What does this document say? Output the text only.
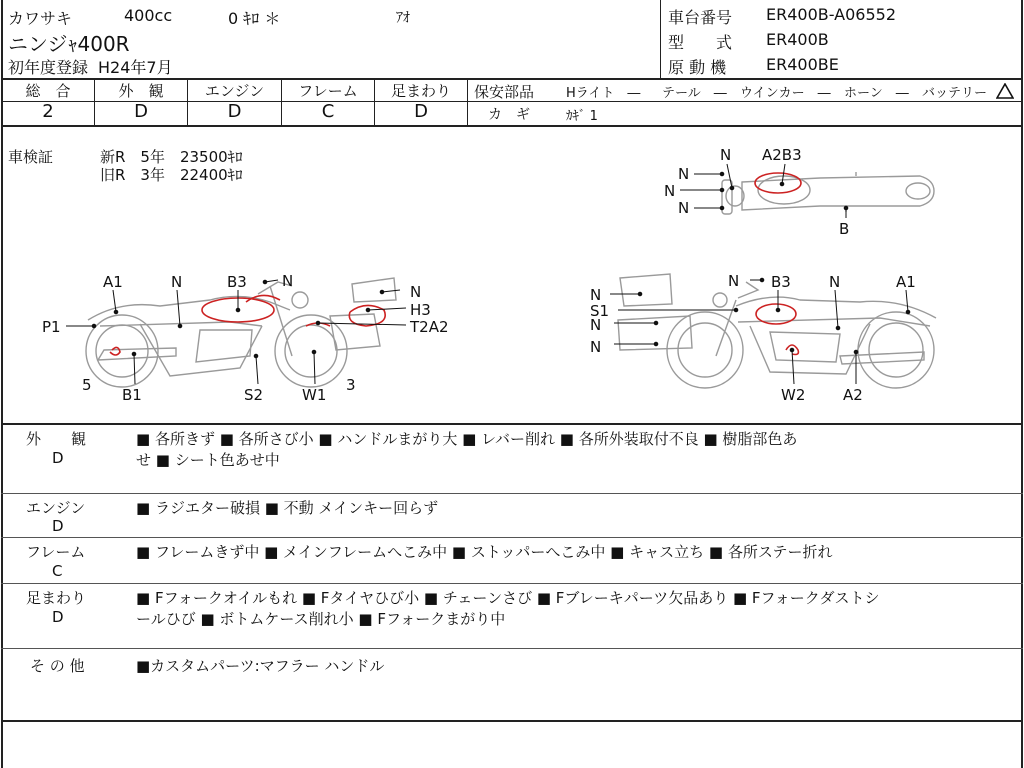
カワサキ	400cc	0 ｷﾛ ＊	ｱｵ
ニンジｬ400R
初年度登録 H24年7月
車台番号 ER400B-A06552
型　　式 ER400B
原 動 機 ER400BE
総　合	外　観	エンジン	フレーム	足まわり
2	D	D	C	D
保安部品 Hライト　― テール　― ウインカー　― ホーン　― バッテリー
カ　ギ	ｶｷﾞ 1
車検証	新R　5年　23500ｷﾛ
旧R　3年　22400ｷﾛ
N A2B3
N
N
N
B
A1	N	B3 N
N
H3
T2A2
P1
5
B1	S2	W1
3
N B3	N	A1
N
S1
N
N
W2	A2
外　　観
D
■ 各所きず ■ 各所さび小 ■ ハンドルまがり大 ■ レバー削れ ■ 各所外装取付不良 ■ 樹脂部色あ
せ ■ シート色あせ中
エンジン
D
■ ラジエター破損 ■ 不動 メインキー回らず
フレーム
C
■ フレームきず中 ■ メインフレームへこみ中 ■ ストッパーへこみ中 ■ キャス立ち ■ 各所ステー折れ
足まわり
D
■ Fフォークオイルもれ ■ Fタイヤひび小 ■ チェーンさび ■ Fブレーキパーツ欠品あり ■ Fフォークダストシ
ールひび ■ ボトムケース削れ小 ■ Fフォークまがり中
そ の 他	■カスタムパーツ:マフラー ハンドル
